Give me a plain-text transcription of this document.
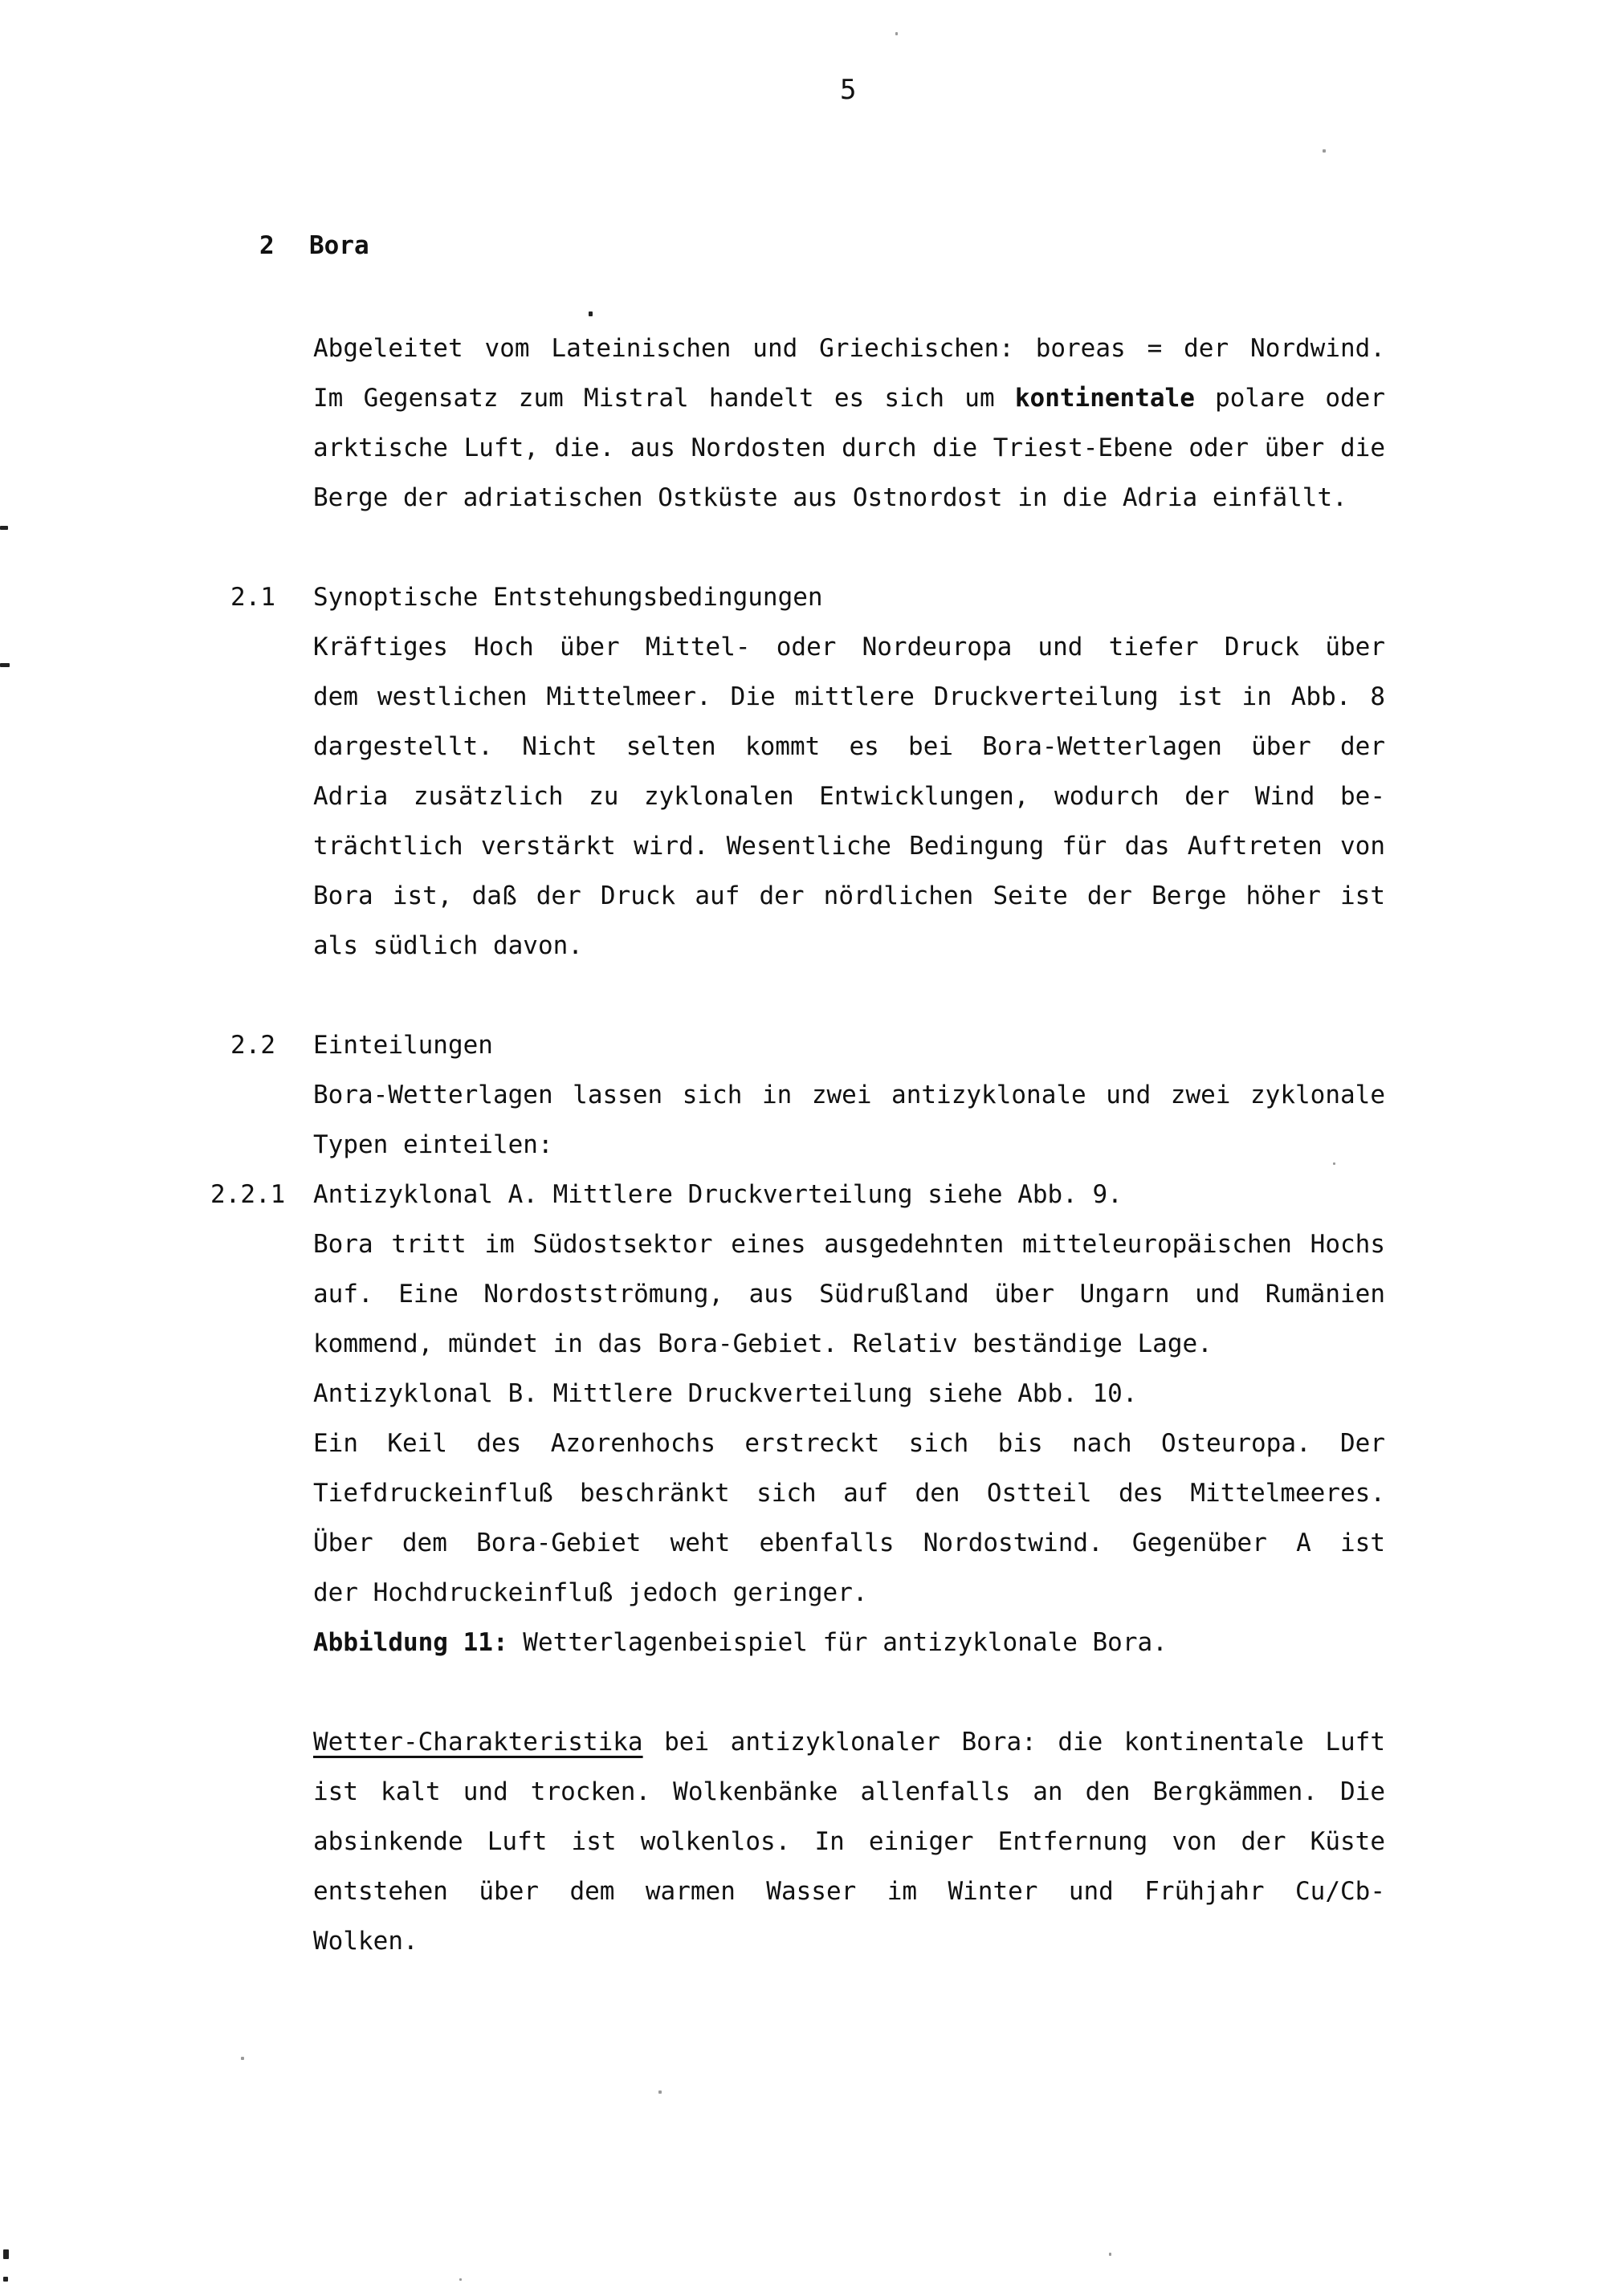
5
2 Bora
Abgeleitet vom Lateinischen und Griechischen: boreas = der Nordwind.
Im Gegensatz zum Mistral handelt es sich um kontinentale polare oder
arktische Luft, die. aus Nordosten durch die Triest-Ebene oder über die
Berge der adriatischen Ostküste aus Ostnordost in die Adria einfällt.
Synoptische Entstehungsbedingungen
Kräftiges Hoch über Mittel- oder Nordeuropa und tiefer Druck über
dem westlichen Mittelmeer. Die mittlere Druckverteilung ist in Abb. 8
dargestellt. Nicht selten kommt es bei Bora-Wetterlagen über der
Adria zusätzlich zu zyklonalen Entwicklungen, wodurch der Wind be-
trächtlich verstärkt wird. Wesentliche Bedingung für das Auftreten von
Bora ist, daß der Druck auf der nördlichen Seite der Berge höher ist
als südlich davon.
Einteilungen
Bora-Wetterlagen lassen sich in zwei antizyklonale und zwei zyklonale
Typen einteilen:
Antizyklonal A. Mittlere Druckverteilung siehe Abb. 9.
Bora tritt im Südostsektor eines ausgedehnten mitteleuropäischen Hochs
auf. Eine Nordostströmung, aus Südrußland über Ungarn und Rumänien
kommend, mündet in das Bora-Gebiet. Relativ beständige Lage.
Antizyklonal B. Mittlere Druckverteilung siehe Abb. 10.
Ein Keil des Azorenhochs erstreckt sich bis nach Osteuropa. Der
Tiefdruckeinfluß beschränkt sich auf den Ostteil des Mittelmeeres.
Über dem Bora-Gebiet weht ebenfalls Nordostwind. Gegenüber A ist
der Hochdruckeinfluß jedoch geringer.
Abbildung 11: Wetterlagenbeispiel für antizyklonale Bora.
Wetter-Charakteristika bei antizyklonaler Bora: die kontinentale Luft
ist kalt und trocken. Wolkenbänke allenfalls an den Bergkämmen. Die
absinkende Luft ist wolkenlos. In einiger Entfernung von der Küste
entstehen über dem warmen Wasser im Winter und Frühjahr Cu/Cb-
Wolken.
2.1
2.2
2.2.1
